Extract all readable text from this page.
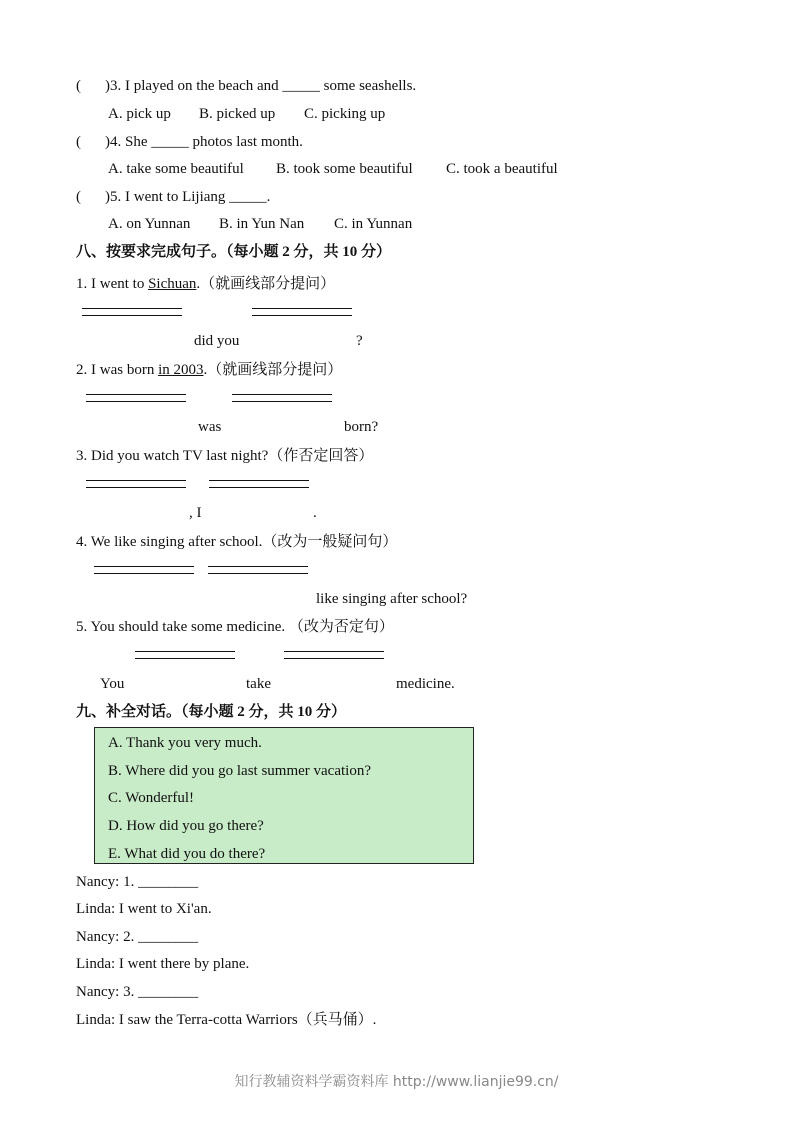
( )3. I played on the beach and _____ some seashells.
A. pick up B. picked up C. picking up
( )4. She _____ photos last month.
A. take some beautiful B. took some beautiful C. took a beautiful
( )5. I went to Lijiang _____.
A. on Yunnan B. in Yun Nan C. in Yunnan
八、按要求完成句子。（每小题 2 分，共 10 分）
1. I went to Sichuan.（就画线部分提问）
did you	?
2. I was born in 2003.（就画线部分提问）
was	born?
3. Did you watch TV last night?（作否定回答）
, I	.
4. We like singing after school.（改为一般疑问句）
like singing after school?
5. You should take some medicine. （改为否定句）
You	take	medicine.
九、补全对话。（每小题 2 分，共 10 分）
A. Thank you very much.
B. Where did you go last summer vacation?
C. Wonderful!
D. How did you go there?
E. What did you do there?
Nancy: 1. ________
Linda: I went to Xi'an.
Nancy: 2. ________
Linda: I went there by plane.
Nancy: 3. ________
Linda: I saw the Terra-cotta Warriors（兵马俑）.
知行教辅资料学霸资料库 http://www.lianjie99.cn/
